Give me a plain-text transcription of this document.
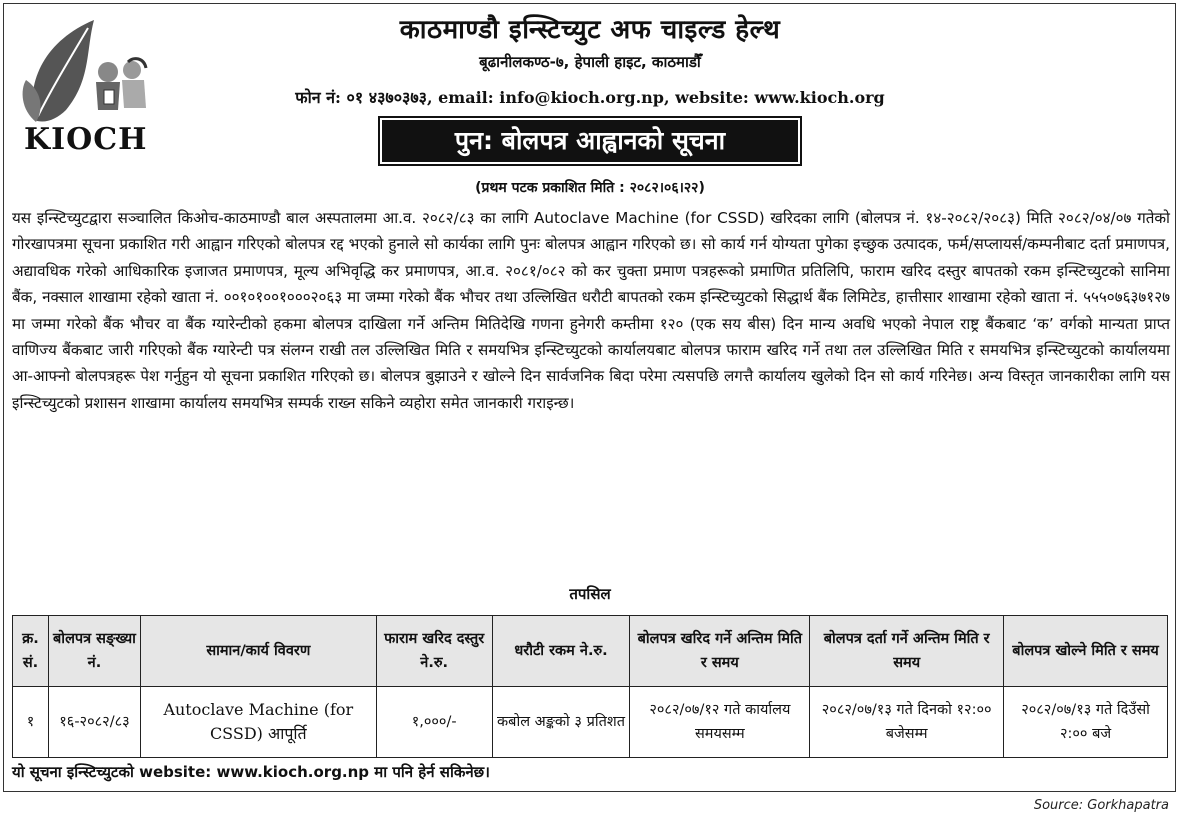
KIOCH
काठमाण्डौ इन्स्टिच्युट अफ चाइल्ड हेल्थ
बूढानीलकण्ठ-७, हेपाली हाइट, काठमाडौँ
फोन नं: ०१ ४३७०३७३, email: info@kioch.org.np, website: www.kioch.org
पुन: बोलपत्र आह्वानको सूचना
(प्रथम पटक प्रकाशित मिति : २०८२।०६।२२)
यस इन्स्टिच्युटद्वारा सञ्चालित किओच-काठमाण्डौ बाल अस्पतालमा आ.व. २०८२/८३ का लागि Autoclave Machine (for CSSD) खरिदका लागि (बोलपत्र नं. १४-२०८२/२०८३) मिति २०८२/०४/०७ गतेको गोरखापत्रमा सूचना प्रकाशित गरी आह्वान गरिएको बोलपत्र रद्द भएको हुनाले सो कार्यका लागि पुनः बोलपत्र आह्वान गरिएको छ। सो कार्य गर्न योग्यता पुगेका इच्छुक उत्पादक, फर्म/सप्लायर्स/कम्पनीबाट दर्ता प्रमाणपत्र, अद्यावधिक गरेको आधिकारिक इजाजत प्रमाणपत्र, मूल्य अभिवृद्धि कर प्रमाणपत्र, आ.व. २०८१/०८२ को कर चुक्ता प्रमाण पत्रहरूको प्रमाणित प्रतिलिपि, फाराम खरिद दस्तुर बापतको रकम इन्स्टिच्युटको सानिमा बैंक, नक्साल शाखामा रहेको खाता नं. ००१०१००१०००२०६३ मा जम्मा गरेको बैंक भौचर तथा उल्लिखित धरौटी बापतको रकम इन्स्टिच्युटको सिद्धार्थ बैंक लिमिटेड, हात्तीसार शाखामा रहेको खाता नं. ५५५०७६३७१२७ मा जम्मा गरेको बैंक भौचर वा बैंक ग्यारेन्टीको हकमा बोलपत्र दाखिला गर्ने अन्तिम मितिदेखि गणना हुनेगरी कम्तीमा १२० (एक सय बीस) दिन मान्य अवधि भएको नेपाल राष्ट्र बैंकबाट ‘क’ वर्गको मान्यता प्राप्त वाणिज्य बैंकबाट जारी गरिएको बैंक ग्यारेन्टी पत्र संलग्न राखी तल उल्लिखित मिति र समयभित्र इन्स्टिच्युटको कार्यालयबाट बोलपत्र फाराम खरिद गर्ने तथा तल उल्लिखित मिति र समयभित्र इन्स्टिच्युटको कार्यालयमा आ-आफ्नो बोलपत्रहरू पेश गर्नुहुन यो सूचना प्रकाशित गरिएको छ। बोलपत्र बुझाउने र खोल्ने दिन सार्वजनिक बिदा परेमा त्यसपछि लगत्तै कार्यालय खुलेको दिन सो कार्य गरिनेछ। अन्य विस्तृत जानकारीका लागि यस इन्स्टिच्युटको प्रशासन शाखामा कार्यालय समयभित्र सम्पर्क राख्न सकिने व्यहोरा समेत जानकारी गराइन्छ।
तपसिल
क्र. सं.	बोलपत्र सङ्ख्या नं.	सामान/कार्य विवरण	फाराम खरिद दस्तुर ने.रु.	धरौटी रकम ने.रु.	बोलपत्र खरिद गर्ने अन्तिम मिति र समय	बोलपत्र दर्ता गर्ने अन्तिम मिति र समय	बोलपत्र खोल्ने मिति र समय
१	१६-२०८२/८३	Autoclave Machine (for CSSD) आपूर्ति	१,०००/-	कबोल अङ्कको ३ प्रतिशत	२०८२/०७/१२ गते कार्यालय समयसम्म	२०८२/०७/१३ गते दिनको १२:०० बजेसम्म	२०८२/०७/१३ गते दिउँसो २:०० बजे
यो सूचना इन्स्टिच्युटको website: www.kioch.org.np मा पनि हेर्न सकिनेछ।
Source: Gorkhapatra
